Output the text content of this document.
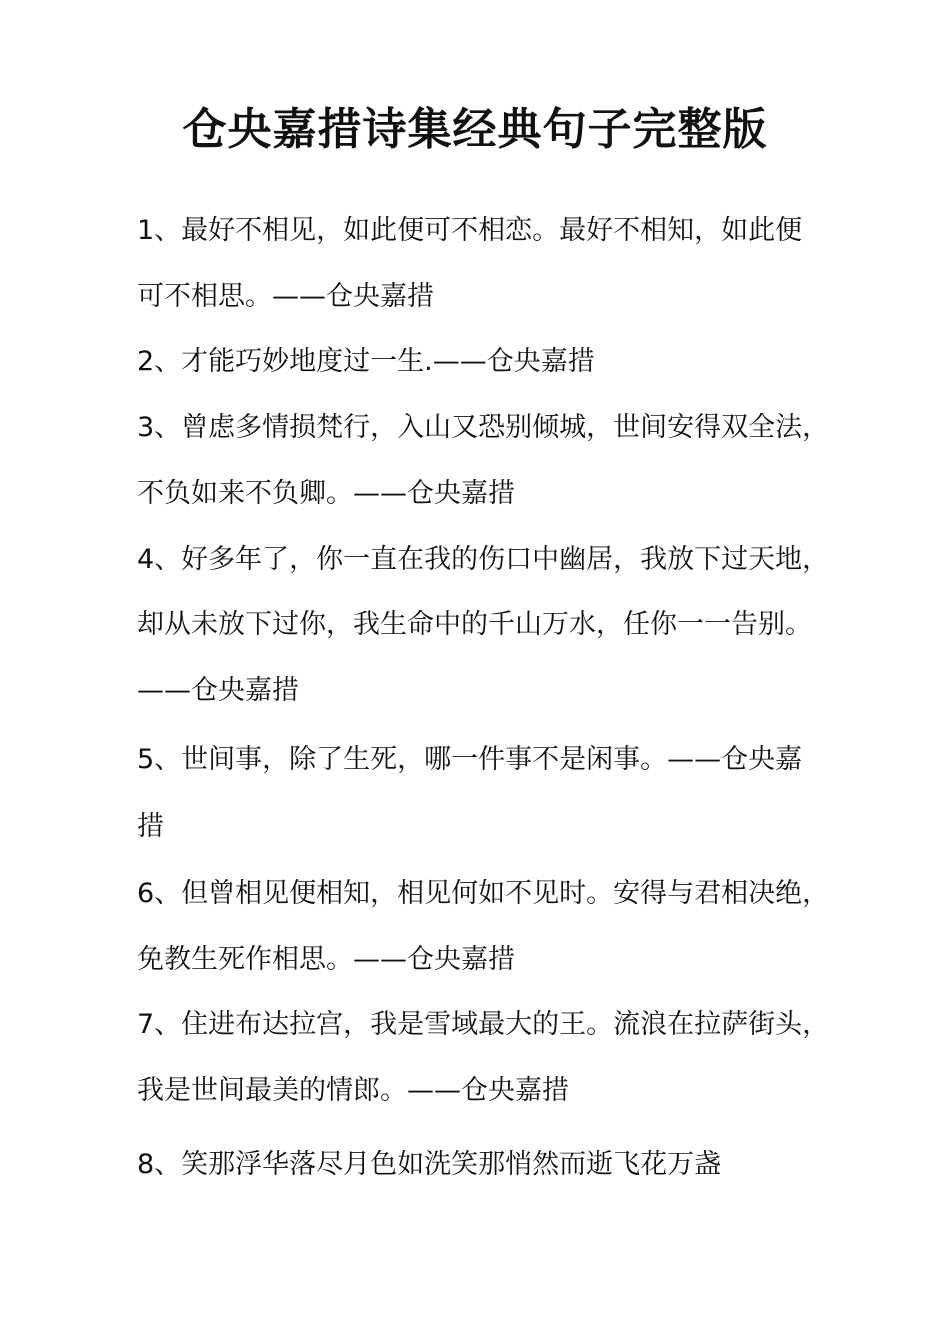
仓央嘉措诗集经典句子完整版

1、最好不相见，如此便可不相恋。最好不相知，如此便

可不相思。——仓央嘉措

2、才能巧妙地度过一生.——仓央嘉措

3、曾虑多情损梵行，入山又恐别倾城，世间安得双全法，

不负如来不负卿。——仓央嘉措

4、好多年了，你一直在我的伤口中幽居，我放下过天地，

却从未放下过你，我生命中的千山万水，任你一一告别。

——仓央嘉措

5、世间事，除了生死，哪一件事不是闲事。——仓央嘉

措

6、但曾相见便相知，相见何如不见时。安得与君相决绝，

免教生死作相思。——仓央嘉措

7、住进布达拉宫，我是雪域最大的王。流浪在拉萨街头，

我是世间最美的情郎。——仓央嘉措

8、笑那浮华落尽月色如洗笑那悄然而逝飞花万盏
